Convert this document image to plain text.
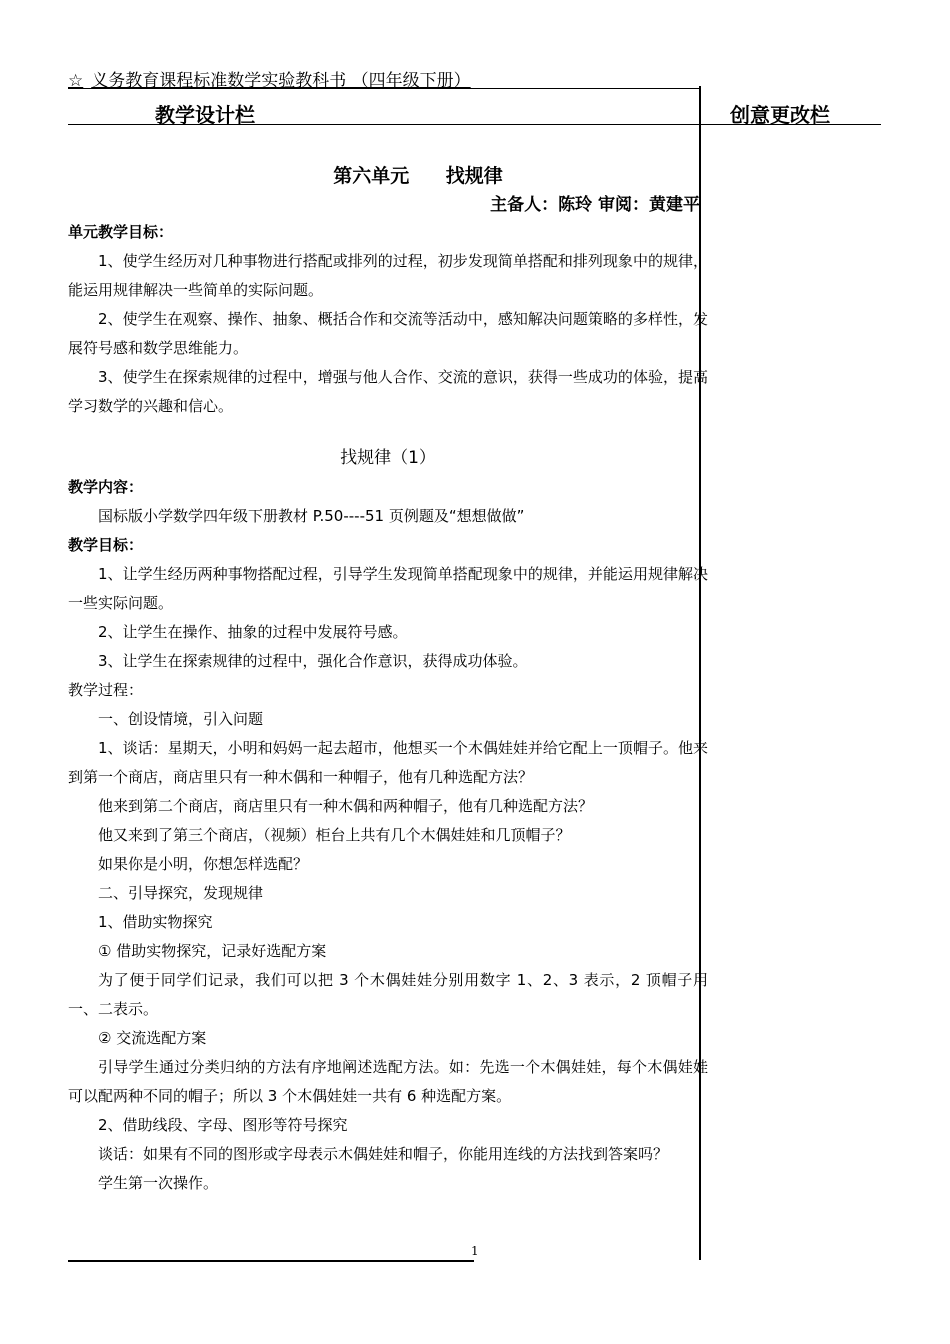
☆ 义务教育课程标准数学实验教科书 （四年级下册）
教学设计栏	创意更改栏
第六单元 找规律
主备人：陈玲 审阅：黄建平
单元教学目标：

1、使学生经历对几种事物进行搭配或排列的过程，初步发现简单搭配和排列现象中的规律，能运用规律解决一些简单的实际问题。

2、使学生在观察、操作、抽象、概括合作和交流等活动中，感知解决问题策略的多样性，发展符号感和数学思维能力。

3、使学生在探索规律的过程中，增强与他人合作、交流的意识，获得一些成功的体验，提高学习数学的兴趣和信心。

找规律（1）
教学内容：

国标版小学数学四年级下册教材 P.50----51 页例题及“想想做做”

教学目标：

1、让学生经历两种事物搭配过程，引导学生发现简单搭配现象中的规律，并能运用规律解决一些实际问题。

2、让学生在操作、抽象的过程中发展符号感。

3、让学生在探索规律的过程中，强化合作意识，获得成功体验。

教学过程：

一、创设情境，引入问题

1、谈话：星期天，小明和妈妈一起去超市，他想买一个木偶娃娃并给它配上一顶帽子。他来到第一个商店，商店里只有一种木偶和一种帽子，他有几种选配方法？

他来到第二个商店，商店里只有一种木偶和两种帽子，他有几种选配方法？

他又来到了第三个商店，（视频）柜台上共有几个木偶娃娃和几顶帽子？

如果你是小明，你想怎样选配？

二、引导探究，发现规律

1、借助实物探究

① 借助实物探究，记录好选配方案

为了便于同学们记录，我们可以把 3 个木偶娃娃分别用数字 1、2、3 表示，2 顶帽子用一、二表示。

② 交流选配方案

引导学生通过分类归纳的方法有序地阐述选配方法。如：先选一个木偶娃娃，每个木偶娃娃可以配两种不同的帽子；所以 3 个木偶娃娃一共有 6 种选配方案。

2、借助线段、字母、图形等符号探究

谈话：如果有不同的图形或字母表示木偶娃娃和帽子，你能用连线的方法找到答案吗？

学生第一次操作。

1
